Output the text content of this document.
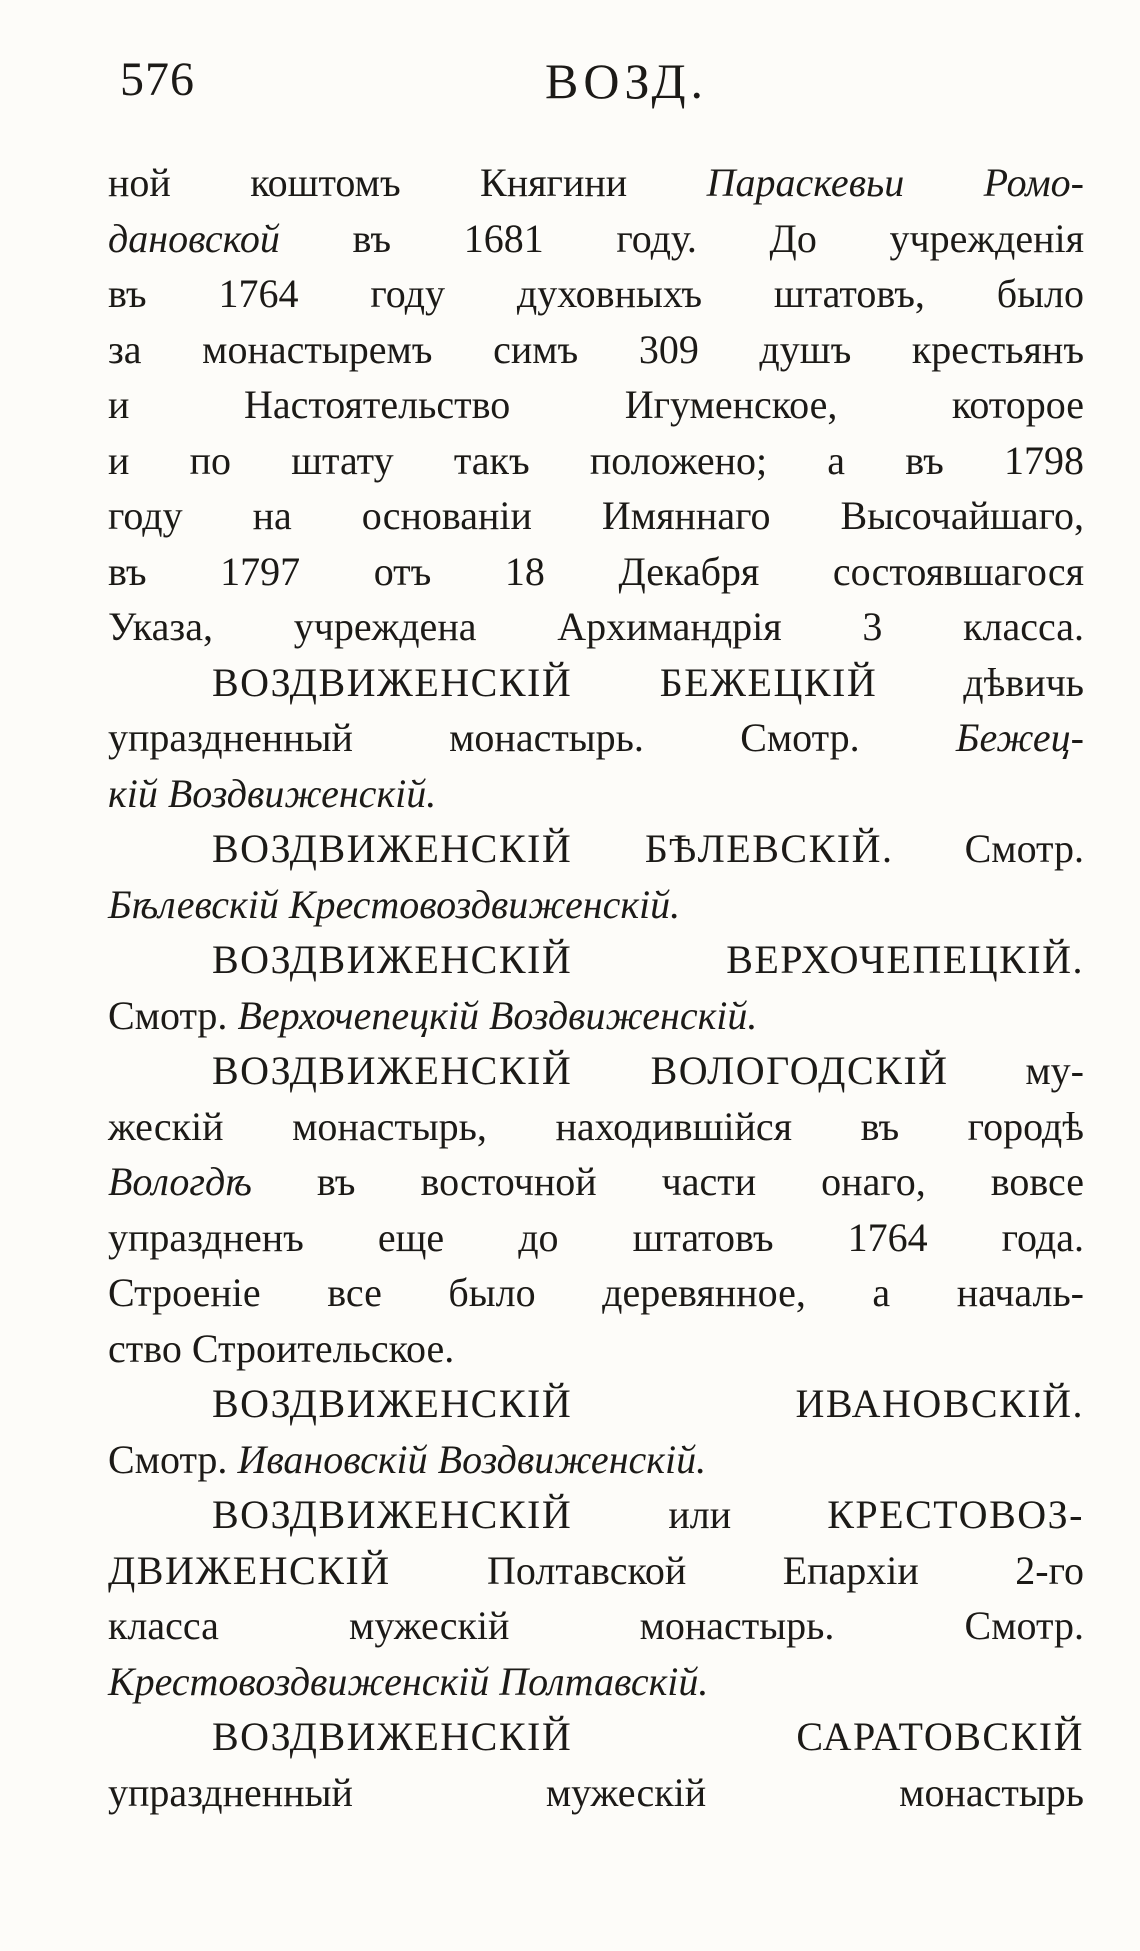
576	ВОЗД.
ной коштомъ Княгини Параскевьи Ромо-
дановской въ 1681 году. До учрежденія
въ 1764 году духовныхъ штатовъ, было
за монастыремъ симъ 309 душъ крестьянъ
и Настоятельство Игуменское, которое
и по штату такъ положено; а въ 1798
году на основаніи Имяннаго Высочайшаго,
въ 1797 отъ 18 Декабря состоявшагося
Указа, учреждена Архимандрія 3 класса.
ВОЗДВИЖЕНСКІЙ БЕЖЕЦКІЙ дѣвичь
упраздненный монастырь. Смотр. Бежец-
кій Воздвиженскій.
ВОЗДВИЖЕНСКІЙ БѢЛЕВСКІЙ. Смотр.
Бѣлевскій Крестовоздвиженскій.
ВОЗДВИЖЕНСКІЙ ВЕРХОЧЕПЕЦКІЙ.
Смотр. Верхочепецкій Воздвиженскій.
ВОЗДВИЖЕНСКІЙ ВОЛОГОДСКІЙ му-
жескій монастырь, находившійся въ городѣ
Вологдѣ въ восточной части онаго, вовсе
упраздненъ еще до штатовъ 1764 года.
Строеніе все было деревянное, а началь-
ство Строительское.
ВОЗДВИЖЕНСКІЙ ИВАНОВСКІЙ.
Смотр. Ивановскій Воздвиженскій.
ВОЗДВИЖЕНСКІЙ или КРЕСТОВОЗ-
ДВИЖЕНСКІЙ Полтавской Епархіи 2-го
класса мужескій монастырь. Смотр.
Крестовоздвиженскій Полтавскій.
ВОЗДВИЖЕНСКІЙ САРАТОВСКІЙ
упраздненный мужескій монастырь
